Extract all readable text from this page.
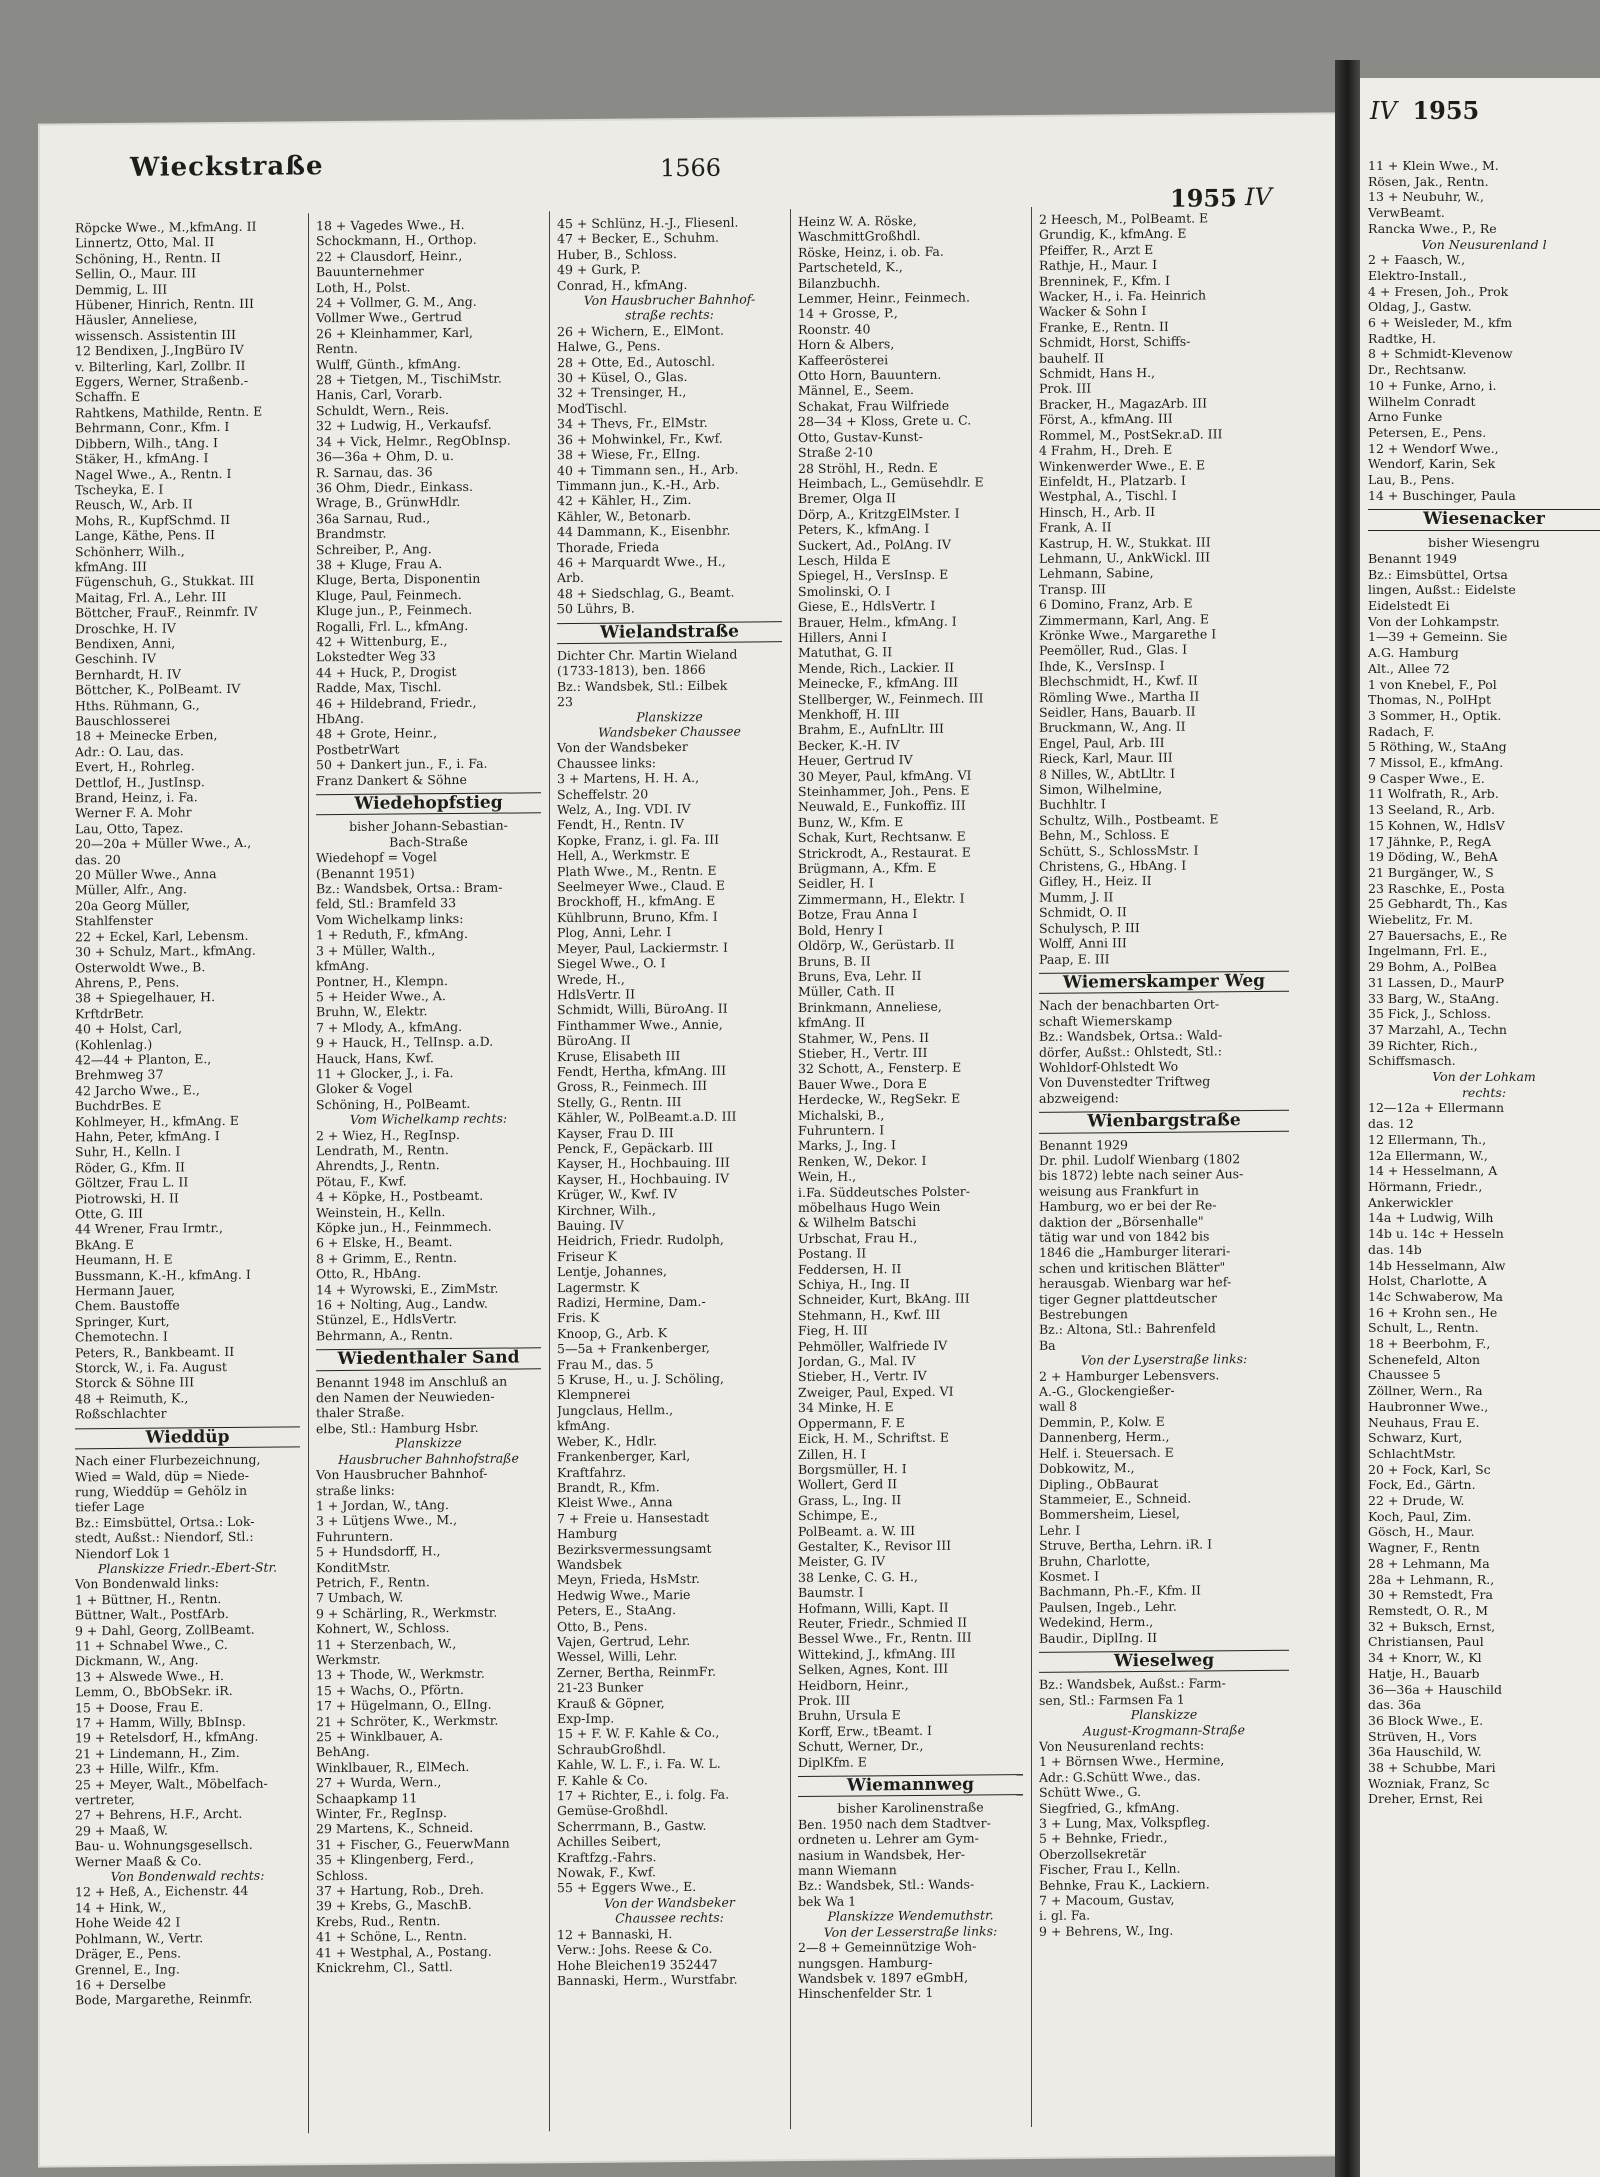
Wieckstraße	1566
1955 IV
Röpcke Wwe., M.,kfmAng. II
Linnertz, Otto, Mal. II
Schöning, H., Rentn. II
Sellin, O., Maur. III
Demmig, L. III
Hübener, Hinrich, Rentn. III
Häusler, Anneliese,
wissensch. Assistentin III
12 Bendixen, J.,IngBüro IV
v. Bilterling, Karl, Zollbr. II
Eggers, Werner, Straßenb.-
Schaffn. E
Rahtkens, Mathilde, Rentn. E
Behrmann, Conr., Kfm. I
Dibbern, Wilh., tAng. I
Stäker, H., kfmAng. I
Nagel Wwe., A., Rentn. I
Tscheyka, E. I
Reusch, W., Arb. II
Mohs, R., KupfSchmd. II
Lange, Käthe, Pens. II
Schönherr, Wilh.,
kfmAng. III
Fügenschuh, G., Stukkat. III
Maitag, Frl. A., Lehr. III
Böttcher, FrauF., Reinmfr. IV
Droschke, H. IV
Bendixen, Anni,
Geschinh. IV
Bernhardt, H. IV
Böttcher, K., PolBeamt. IV
Hths. Rühmann, G.,
Bauschlosserei
18 + Meinecke Erben,
Adr.: O. Lau, das.
Evert, H., Rohrleg.
Dettlof, H., JustInsp.
Brand, Heinz, i. Fa.
Werner F. A. Mohr
Lau, Otto, Tapez.
20—20a + Müller Wwe., A.,
das. 20
20 Müller Wwe., Anna
Müller, Alfr., Ang.
20a Georg Müller,
Stahlfenster
22 + Eckel, Karl, Lebensm.
30 + Schulz, Mart., kfmAng.
Osterwoldt Wwe., B.
Ahrens, P., Pens.
38 + Spiegelhauer, H.
KrftdrBetr.
40 + Holst, Carl,
(Kohlenlag.)
42—44 + Planton, E.,
Brehmweg 37
42 Jarcho Wwe., E.,
BuchdrBes. E
Kohlmeyer, H., kfmAng. E
Hahn, Peter, kfmAng. I
Suhr, H., Kelln. I
Röder, G., Kfm. II
Göltzer, Frau L. II
Piotrowski, H. II
Otte, G. III
44 Wrener, Frau Irmtr.,
BkAng. E
Heumann, H. E
Bussmann, K.-H., kfmAng. I
Hermann Jauer,
Chem. Baustoffe
Springer, Kurt,
Chemotechn. I
Peters, R., Bankbeamt. II
Storck, W., i. Fa. August
Storck & Söhne III
48 + Reimuth, K.,
Roßschlachter
Wieddüp
Nach einer Flurbezeichnung,
Wied = Wald, düp = Niede-
rung, Wieddüp = Gehölz in
tiefer Lage
Bz.: Eimsbüttel, Ortsa.: Lok-
stedt, Außst.: Niendorf, Stl.:
Niendorf Lok 1
Planskizze Friedr.-Ebert-Str.
Von Bondenwald links:
1 + Büttner, H., Rentn.
Büttner, Walt., PostfArb.
9 + Dahl, Georg, ZollBeamt.
11 + Schnabel Wwe., C.
Dickmann, W., Ang.
13 + Alswede Wwe., H.
Lemm, O., BbObSekr. iR.
15 + Doose, Frau E.
17 + Hamm, Willy, BbInsp.
19 + Retelsdorf, H., kfmAng.
21 + Lindemann, H., Zim.
23 + Hille, Wilfr., Kfm.
25 + Meyer, Walt., Möbelfach-
vertreter,
27 + Behrens, H.F., Archt.
29 + Maaß, W.
Bau- u. Wohnungsgesellsch.
Werner Maaß & Co.
Von Bondenwald rechts:
12 + Heß, A., Eichenstr. 44
14 + Hink, W.,
Hohe Weide 42 I
Pohlmann, W., Vertr.
Dräger, E., Pens.
Grennel, E., Ing.
16 + Derselbe
Bode, Margarethe, Reinmfr.
18 + Vagedes Wwe., H.
Schockmann, H., Orthop.
22 + Clausdorf, Heinr.,
Bauunternehmer
Loth, H., Polst.
24 + Vollmer, G. M., Ang.
Vollmer Wwe., Gertrud
26 + Kleinhammer, Karl,
Rentn.
Wulff, Günth., kfmAng.
28 + Tietgen, M., TischiMstr.
Hanis, Carl, Vorarb.
Schuldt, Wern., Reis.
32 + Ludwig, H., Verkaufsf.
34 + Vick, Helmr., RegObInsp.
36—36a + Ohm, D. u.
R. Sarnau, das. 36
36 Ohm, Diedr., Einkass.
Wrage, B., GrünwHdlr.
36a Sarnau, Rud.,
Brandmstr.
Schreiber, P., Ang.
38 + Kluge, Frau A.
Kluge, Berta, Disponentin
Kluge, Paul, Feinmech.
Kluge jun., P., Feinmech.
Rogalli, Frl. L., kfmAng.
42 + Wittenburg, E.,
Lokstedter Weg 33
44 + Huck, P., Drogist
Radde, Max, Tischl.
46 + Hildebrand, Friedr.,
HbAng.
48 + Grote, Heinr.,
PostbetrWart
50 + Dankert jun., F., i. Fa.
Franz Dankert & Söhne
Wiedehopfstieg
bisher Johann-Sebastian-
Bach-Straße
Wiedehopf = Vogel
(Benannt 1951)
Bz.: Wandsbek, Ortsa.: Bram-
feld, Stl.: Bramfeld 33
Vom Wichelkamp links:
1 + Reduth, F., kfmAng.
3 + Müller, Walth.,
kfmAng.
Pontner, H., Klempn.
5 + Heider Wwe., A.
Bruhn, W., Elektr.
7 + Mlody, A., kfmAng.
9 + Hauck, H., TelInsp. a.D.
Hauck, Hans, Kwf.
11 + Glocker, J., i. Fa.
Gloker & Vogel
Schöning, H., PolBeamt.
Vom Wichelkamp rechts:
2 + Wiez, H., RegInsp.
Lendrath, M., Rentn.
Ahrendts, J., Rentn.
Pötau, F., Kwf.
4 + Köpke, H., Postbeamt.
Weinstein, H., Kelln.
Köpke jun., H., Feinmmech.
6 + Elske, H., Beamt.
8 + Grimm, E., Rentn.
Otto, R., HbAng.
14 + Wyrowski, E., ZimMstr.
16 + Nolting, Aug., Landw.
Stünzel, E., HdlsVertr.
Behrmann, A., Rentn.
Wiedenthaler Sand
Benannt 1948 im Anschluß an
den Namen der Neuwieden-
thaler Straße.
elbe, Stl.: Hamburg Hsbr.
Planskizze
Hausbrucher Bahnhofstraße
Von Hausbrucher Bahnhof-
straße links:
1 + Jordan, W., tAng.
3 + Lütjens Wwe., M.,
Fuhruntern.
5 + Hundsdorff, H.,
KonditMstr.
Petrich, F., Rentn.
7 Umbach, W.
9 + Schärling, R., Werkmstr.
Kohnert, W., Schloss.
11 + Sterzenbach, W.,
Werkmstr.
13 + Thode, W., Werkmstr.
15 + Wachs, O., Pförtn.
17 + Hügelmann, O., ElIng.
21 + Schröter, K., Werkmstr.
25 + Winklbauer, A.
BehAng.
Winklbauer, R., ElMech.
27 + Wurda, Wern.,
Schaapkamp 11
Winter, Fr., RegInsp.
29 Martens, K., Schneid.
31 + Fischer, G., FeuerwMann
35 + Klingenberg, Ferd.,
Schloss.
37 + Hartung, Rob., Dreh.
39 + Krebs, G., MaschB.
Krebs, Rud., Rentn.
41 + Schöne, L., Rentn.
41 + Westphal, A., Postang.
Knickrehm, Cl., Sattl.
45 + Schlünz, H.-J., Fliesenl.
47 + Becker, E., Schuhm.
Huber, B., Schloss.
49 + Gurk, P.
Conrad, H., kfmAng.
Von Hausbrucher Bahnhof-
straße rechts:
26 + Wichern, E., ElMont.
Halwe, G., Pens.
28 + Otte, Ed., Autoschl.
30 + Küsel, O., Glas.
32 + Trensinger, H.,
ModTischl.
34 + Thevs, Fr., ElMstr.
36 + Mohwinkel, Fr., Kwf.
38 + Wiese, Fr., ElIng.
40 + Timmann sen., H., Arb.
Timmann jun., K.-H., Arb.
42 + Kähler, H., Zim.
Kähler, W., Betonarb.
44 Dammann, K., Eisenbhr.
Thorade, Frieda
46 + Marquardt Wwe., H.,
Arb.
48 + Siedschlag, G., Beamt.
50 Lührs, B.
Wielandstraße
Dichter Chr. Martin Wieland
(1733-1813), ben. 1866
Bz.: Wandsbek, Stl.: Eilbek
23
Planskizze
Wandsbeker Chaussee
Von der Wandsbeker
Chaussee links:
3 + Martens, H. H. A.,
Scheffelstr. 20
Welz, A., Ing. VDI. IV
Fendt, H., Rentn. IV
Kopke, Franz, i. gl. Fa. III
Hell, A., Werkmstr. E
Plath Wwe., M., Rentn. E
Seelmeyer Wwe., Claud. E
Brockhoff, H., kfmAng. E
Kühlbrunn, Bruno, Kfm. I
Plog, Anni, Lehr. I
Meyer, Paul, Lackiermstr. I
Siegel Wwe., O. I
Wrede, H.,
HdlsVertr. II
Schmidt, Willi, BüroAng. II
Finthammer Wwe., Annie,
BüroAng. II
Kruse, Elisabeth III
Fendt, Hertha, kfmAng. III
Gross, R., Feinmech. III
Stelly, G., Rentn. III
Kähler, W., PolBeamt.a.D. III
Kayser, Frau D. III
Penck, F., Gepäckarb. III
Kayser, H., Hochbauing. III
Kayser, H., Hochbauing. IV
Krüger, W., Kwf. IV
Kirchner, Wilh.,
Bauing. IV
Heidrich, Friedr. Rudolph,
Friseur K
Lentje, Johannes,
Lagermstr. K
Radizi, Hermine, Dam.-
Fris. K
Knoop, G., Arb. K
5—5a + Frankenberger,
Frau M., das. 5
5 Kruse, H., u. J. Schöling,
Klempnerei
Jungclaus, Hellm.,
kfmAng.
Weber, K., Hdlr.
Frankenberger, Karl,
Kraftfahrz.
Brandt, R., Kfm.
Kleist Wwe., Anna
7 + Freie u. Hansestadt
Hamburg
Bezirksvermessungsamt
Wandsbek
Meyn, Frieda, HsMstr.
Hedwig Wwe., Marie
Peters, E., StaAng.
Otto, B., Pens.
Vajen, Gertrud, Lehr.
Wessel, Willi, Lehr.
Zerner, Bertha, ReinmFr.
21-23 Bunker
Krauß & Göpner,
Exp-Imp.
15 + F. W. F. Kahle & Co.,
SchraubGroßhdl.
Kahle, W. L. F., i. Fa. W. L.
F. Kahle & Co.
17 + Richter, E., i. folg. Fa.
Gemüse-Großhdl.
Scherrmann, B., Gastw.
Achilles Seibert,
Kraftfzg.-Fahrs.
Nowak, F., Kwf.
55 + Eggers Wwe., E.
Von der Wandsbeker
Chaussee rechts:
12 + Bannaski, H.
Verw.: Johs. Reese & Co.
Hohe Bleichen19 352447
Bannaski, Herm., Wurstfabr.
Heinz W. A. Röske,
WaschmittGroßhdl.
Röske, Heinz, i. ob. Fa.
Partscheteld, K.,
Bilanzbuchh.
Lemmer, Heinr., Feinmech.
14 + Grosse, P.,
Roonstr. 40
Horn & Albers,
Kaffeerösterei
Otto Horn, Bauuntern.
Männel, E., Seem.
Schakat, Frau Wilfriede
28—34 + Kloss, Grete u. C.
Otto, Gustav-Kunst-
Straße 2-10
28 Ströhl, H., Redn. E
Heimbach, L., Gemüsehdlr. E
Bremer, Olga II
Dörp, A., KritzgElMster. I
Peters, K., kfmAng. I
Suckert, Ad., PolAng. IV
Lesch, Hilda E
Spiegel, H., VersInsp. E
Smolinski, O. I
Giese, E., HdlsVertr. I
Brauer, Helm., kfmAng. I
Hillers, Anni I
Matuthat, G. II
Mende, Rich., Lackier. II
Meinecke, F., kfmAng. III
Stellberger, W., Feinmech. III
Menkhoff, H. III
Brahm, E., AufnLltr. III
Becker, K.-H. IV
Heuer, Gertrud IV
30 Meyer, Paul, kfmAng. VI
Steinhammer, Joh., Pens. E
Neuwald, E., Funkoffiz. III
Bunz, W., Kfm. E
Schak, Kurt, Rechtsanw. E
Strickrodt, A., Restaurat. E
Brügmann, A., Kfm. E
Seidler, H. I
Zimmermann, H., Elektr. I
Botze, Frau Anna I
Bold, Henry I
Oldörp, W., Gerüstarb. II
Bruns, B. II
Bruns, Eva, Lehr. II
Müller, Cath. II
Brinkmann, Anneliese,
kfmAng. II
Stahmer, W., Pens. II
Stieber, H., Vertr. III
32 Schott, A., Fensterp. E
Bauer Wwe., Dora E
Herdecke, W., RegSekr. E
Michalski, B.,
Fuhruntern. I
Marks, J., Ing. I
Renken, W., Dekor. I
Wein, H.,
i.Fa. Süddeutsches Polster-
möbelhaus Hugo Wein
& Wilhelm Batschi
Urbschat, Frau H.,
Postang. II
Feddersen, H. II
Schiya, H., Ing. II
Schneider, Kurt, BkAng. III
Stehmann, H., Kwf. III
Fieg, H. III
Pehmöller, Walfriede IV
Jordan, G., Mal. IV
Stieber, H., Vertr. IV
Zweiger, Paul, Exped. VI
34 Minke, H. E
Oppermann, F. E
Eick, H. M., Schriftst. E
Zillen, H. I
Borgsmüller, H. I
Wollert, Gerd II
Grass, L., Ing. II
Schimpe, E.,
PolBeamt. a. W. III
Gestalter, K., Revisor III
Meister, G. IV
38 Lenke, C. G. H.,
Baumstr. I
Hofmann, Willi, Kapt. II
Reuter, Friedr., Schmied II
Bessel Wwe., Fr., Rentn. III
Wittekind, J., kfmAng. III
Selken, Agnes, Kont. III
Heidborn, Heinr.,
Prok. III
Bruhn, Ursula E
Korff, Erw., tBeamt. I
Schutt, Werner, Dr.,
DiplKfm. E
Wiemannweg
bisher Karolinenstraße
Ben. 1950 nach dem Stadtver-
ordneten u. Lehrer am Gym-
nasium in Wandsbek, Her-
mann Wiemann
Bz.: Wandsbek, Stl.: Wands-
bek Wa 1
Planskizze Wendemuthstr.
Von der Lesserstraße links:
2—8 + Gemeinnützige Woh-
nungsgen. Hamburg-
Wandsbek v. 1897 eGmbH,
Hinschenfelder Str. 1
2 Heesch, M., PolBeamt. E
Grundig, K., kfmAng. E
Pfeiffer, R., Arzt E
Rathje, H., Maur. I
Brenninek, F., Kfm. I
Wacker, H., i. Fa. Heinrich
Wacker & Sohn I
Franke, E., Rentn. II
Schmidt, Horst, Schiffs-
bauhelf. II
Schmidt, Hans H.,
Prok. III
Bracker, H., MagazArb. III
Först, A., kfmAng. III
Rommel, M., PostSekr.aD. III
4 Frahm, H., Dreh. E
Winkenwerder Wwe., E. E
Einfeldt, H., Platzarb. I
Westphal, A., Tischl. I
Hinsch, H., Arb. II
Frank, A. II
Kastrup, H. W., Stukkat. III
Lehmann, U., AnkWickl. III
Lehmann, Sabine,
Transp. III
6 Domino, Franz, Arb. E
Zimmermann, Karl, Ang. E
Krönke Wwe., Margarethe I
Peemöller, Rud., Glas. I
Ihde, K., VersInsp. I
Blechschmidt, H., Kwf. II
Römling Wwe., Martha II
Seidler, Hans, Bauarb. II
Bruckmann, W., Ang. II
Engel, Paul, Arb. III
Rieck, Karl, Maur. III
8 Nilles, W., AbtLltr. I
Simon, Wilhelmine,
Buchhltr. I
Schultz, Wilh., Postbeamt. E
Behn, M., Schloss. E
Schütt, S., SchlossMstr. I
Christens, G., HbAng. I
Gifley, H., Heiz. II
Mumm, J. II
Schmidt, O. II
Schulysch, P. III
Wolff, Anni III
Paap, E. III
Wiemerskamper Weg
Nach der benachbarten Ort-
schaft Wiemerskamp
Bz.: Wandsbek, Ortsa.: Wald-
dörfer, Außst.: Ohlstedt, Stl.:
Wohldorf-Ohlstedt Wo
Von Duvenstedter Triftweg
abzweigend:
Wienbargstraße
Benannt 1929
Dr. phil. Ludolf Wienbarg (1802
bis 1872) lebte nach seiner Aus-
weisung aus Frankfurt in
Hamburg, wo er bei der Re-
daktion der „Börsenhalle"
tätig war und von 1842 bis
1846 die „Hamburger literari-
schen und kritischen Blätter"
herausgab. Wienbarg war hef-
tiger Gegner plattdeutscher
Bestrebungen
Bz.: Altona, Stl.: Bahrenfeld
Ba
Von der Lyserstraße links:
2 + Hamburger Lebensvers.
A.-G., Glockengießer-
wall 8
Demmin, P., Kolw. E
Dannenberg, Herm.,
Helf. i. Steuersach. E
Dobkowitz, M.,
Dipling., ObBaurat
Stammeier, E., Schneid.
Bommersheim, Liesel,
Lehr. I
Struve, Bertha, Lehrn. iR. I
Bruhn, Charlotte,
Kosmet. I
Bachmann, Ph.-F., Kfm. II
Paulsen, Ingeb., Lehr.
Wedekind, Herm.,
Baudir., DiplIng. II
Wieselweg
Bz.: Wandsbek, Außst.: Farm-
sen, Stl.: Farmsen Fa 1
Planskizze
August-Krogmann-Straße
Von Neusurenland rechts:
1 + Börnsen Wwe., Hermine,
Adr.: G.Schütt Wwe., das.
Schütt Wwe., G.
Siegfried, G., kfmAng.
3 + Lung, Max, Volkspfleg.
5 + Behnke, Friedr.,
Oberzollsekretär
Fischer, Frau I., Kelln.
Behnke, Frau K., Lackiern.
7 + Macoum, Gustav,
i. gl. Fa.
9 + Behrens, W., Ing.
IV 1955
11 + Klein Wwe., M.
Rösen, Jak., Rentn.
13 + Neubuhr, W.,
VerwBeamt.
Rancka Wwe., P., Re
Von Neusurenland l
2 + Faasch, W.,
Elektro-Install.,
4 + Fresen, Joh., Prok
Oldag, J., Gastw.
6 + Weisleder, M., kfm
Radtke, H.
8 + Schmidt-Klevenow
Dr., Rechtsanw.
10 + Funke, Arno, i.
Wilhelm Conradt
Arno Funke
Petersen, E., Pens.
12 + Wendorf Wwe.,
Wendorf, Karin, Sek
Lau, B., Pens.
14 + Buschinger, Paula
Wiesenacker
bisher Wiesengru
Benannt 1949
Bz.: Eimsbüttel, Ortsa
lingen, Außst.: Eidelste
Eidelstedt Ei
Von der Lohkampstr.
1—39 + Gemeinn. Sie
A.G. Hamburg
Alt., Allee 72
1 von Knebel, F., Pol
Thomas, N., PolHpt
3 Sommer, H., Optik.
Radach, F.
5 Röthing, W., StaAng
7 Missol, E., kfmAng.
9 Casper Wwe., E.
11 Wolfrath, R., Arb.
13 Seeland, R., Arb.
15 Kohnen, W., HdlsV
17 Jähnke, P., RegA
19 Döding, W., BehA
21 Burgänger, W., S
23 Raschke, E., Posta
25 Gebhardt, Th., Kas
Wiebelitz, Fr. M.
27 Bauersachs, E., Re
Ingelmann, Frl. E.,
29 Bohm, A., PolBea
31 Lassen, D., MaurP
33 Barg, W., StaAng.
35 Fick, J., Schloss.
37 Marzahl, A., Techn
39 Richter, Rich.,
Schiffsmasch.
Von der Lohkam
rechts:
12—12a + Ellermann
das. 12
12 Ellermann, Th.,
12a Ellermann, W.,
14 + Hesselmann, A
Hörmann, Friedr.,
Ankerwickler
14a + Ludwig, Wilh
14b u. 14c + Hesseln
das. 14b
14b Hesselmann, Alw
Holst, Charlotte, A
14c Schwaberow, Ma
16 + Krohn sen., He
Schult, L., Rentn.
18 + Beerbohm, F.,
Schenefeld, Alton
Chaussee 5
Zöllner, Wern., Ra
Haubronner Wwe.,
Neuhaus, Frau E.
Schwarz, Kurt,
SchlachtMstr.
20 + Fock, Karl, Sc
Fock, Ed., Gärtn.
22 + Drude, W.
Koch, Paul, Zim.
Gösch, H., Maur.
Wagner, F., Rentn
28 + Lehmann, Ma
28a + Lehmann, R.,
30 + Remstedt, Fra
Remstedt, O. R., M
32 + Buksch, Ernst,
Christiansen, Paul
34 + Knorr, W., Kl
Hatje, H., Bauarb
36—36a + Hauschild
das. 36a
36 Block Wwe., E.
Strüven, H., Vors
36a Hauschild, W.
38 + Schubbe, Mari
Wozniak, Franz, Sc
Dreher, Ernst, Rei
